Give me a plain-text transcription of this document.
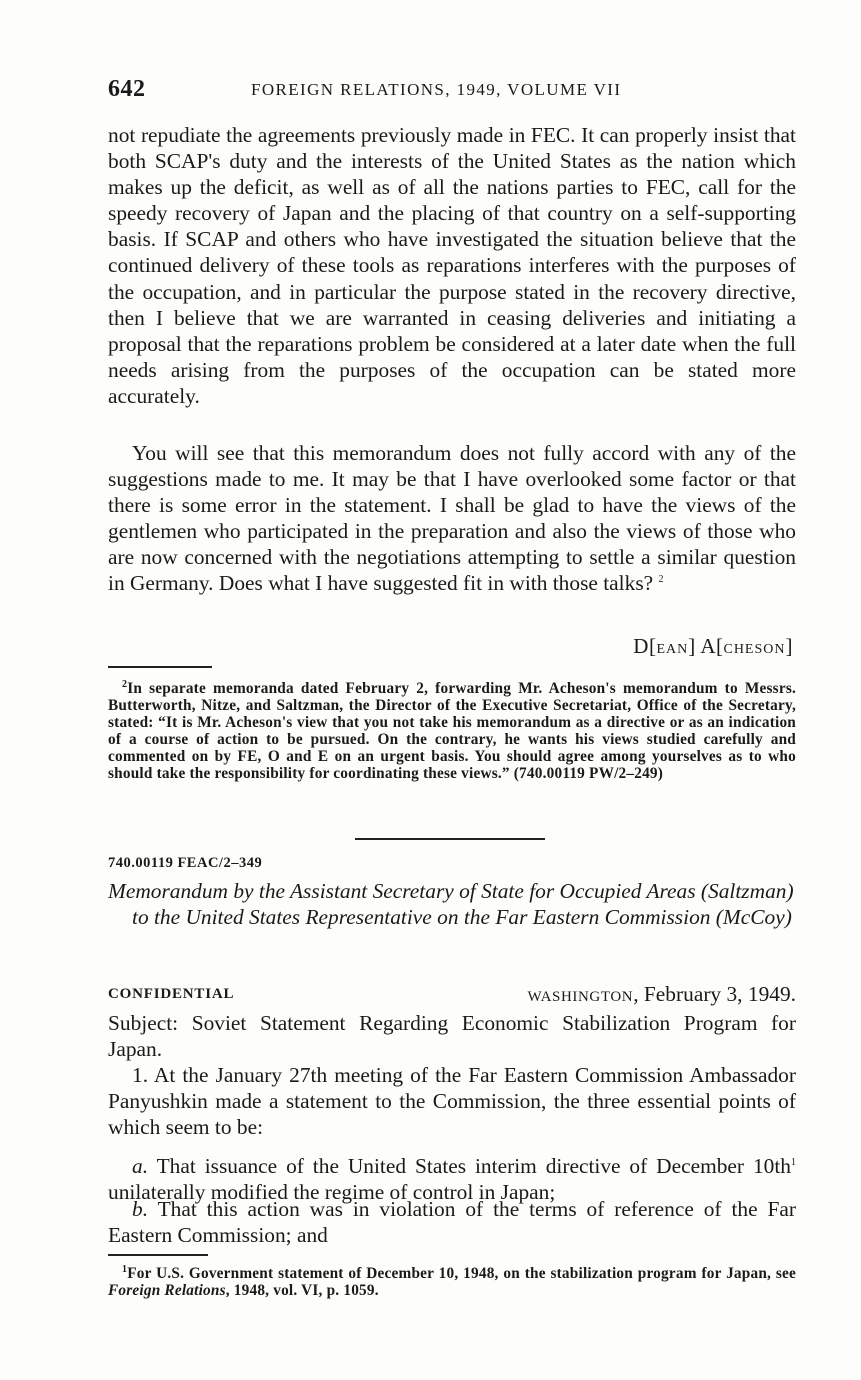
642	FOREIGN RELATIONS, 1949, VOLUME VII

not repudiate the agreements previously made in FEC. It can properly insist that both SCAP's duty and the interests of the United States as the nation which makes up the deficit, as well as of all the nations parties to FEC, call for the speedy recovery of Japan and the placing of that country on a self-supporting basis. If SCAP and others who have investigated the situation believe that the continued delivery of these tools as reparations interferes with the purposes of the occupation, and in particular the purpose stated in the recovery directive, then I believe that we are warranted in ceasing deliveries and initiating a proposal that the reparations problem be considered at a later date when the full needs arising from the purposes of the occupation can be stated more accurately.

You will see that this memorandum does not fully accord with any of the suggestions made to me. It may be that I have overlooked some factor or that there is some error in the statement. I shall be glad to have the views of the gentlemen who participated in the preparation and also the views of those who are now concerned with the negotiations attempting to settle a similar question in Germany. Does what I have suggested fit in with those talks? $^2$

D[EAN] A[CHESON]

$^2$In separate memoranda dated February 2, forwarding Mr. Acheson's memorandum to Messrs. Butterworth, Nitze, and Saltzman, the Director of the Executive Secretariat, Office of the Secretary, stated: “It is Mr. Acheson's view that you not take his memorandum as a directive or as an indication of a course of action to be pursued. On the contrary, he wants his views studied carefully and commented on by FE, O and E on an urgent basis. You should agree among yourselves as to who should take the responsibility for coordinating these views.” (740.00119 PW/2–249)

740.00119 FEAC/2–349

Memorandum by the Assistant Secretary of State for Occupied Areas (Saltzman) to the United States Representative on the Far Eastern Commission (McCoy)

CONFIDENTIAL	WASHINGTON, February 3, 1949.
Subject: Soviet Statement Regarding Economic Stabilization Program for Japan.

1. At the January 27th meeting of the Far Eastern Commission Ambassador Panyushkin made a statement to the Commission, the three essential points of which seem to be:

a. That issuance of the United States interim directive of December $10th^1$ unilaterally modified the regime of control in Japan;

b. That this action was in violation of the terms of reference of the Far Eastern Commission; and

$^1$For U.S. Government statement of December 10, 1948, on the stabilization program for Japan, see Foreign Relations, 1948, vol. VI, p. 1059.
